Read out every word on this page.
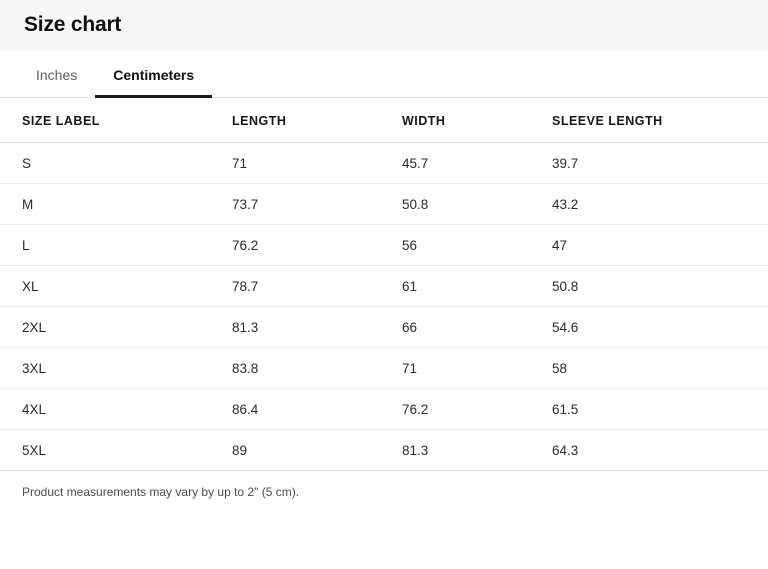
Size chart
Inches	Centimeters
SIZE LABEL	LENGTH	WIDTH	SLEEVE LENGTH
S	71	45.7	39.7
M	73.7	50.8	43.2
L	76.2	56	47
XL	78.7	61	50.8
2XL	81.3	66	54.6
3XL	83.8	71	58
4XL	86.4	76.2	61.5
5XL	89	81.3	64.3
Product measurements may vary by up to 2" (5 cm).
